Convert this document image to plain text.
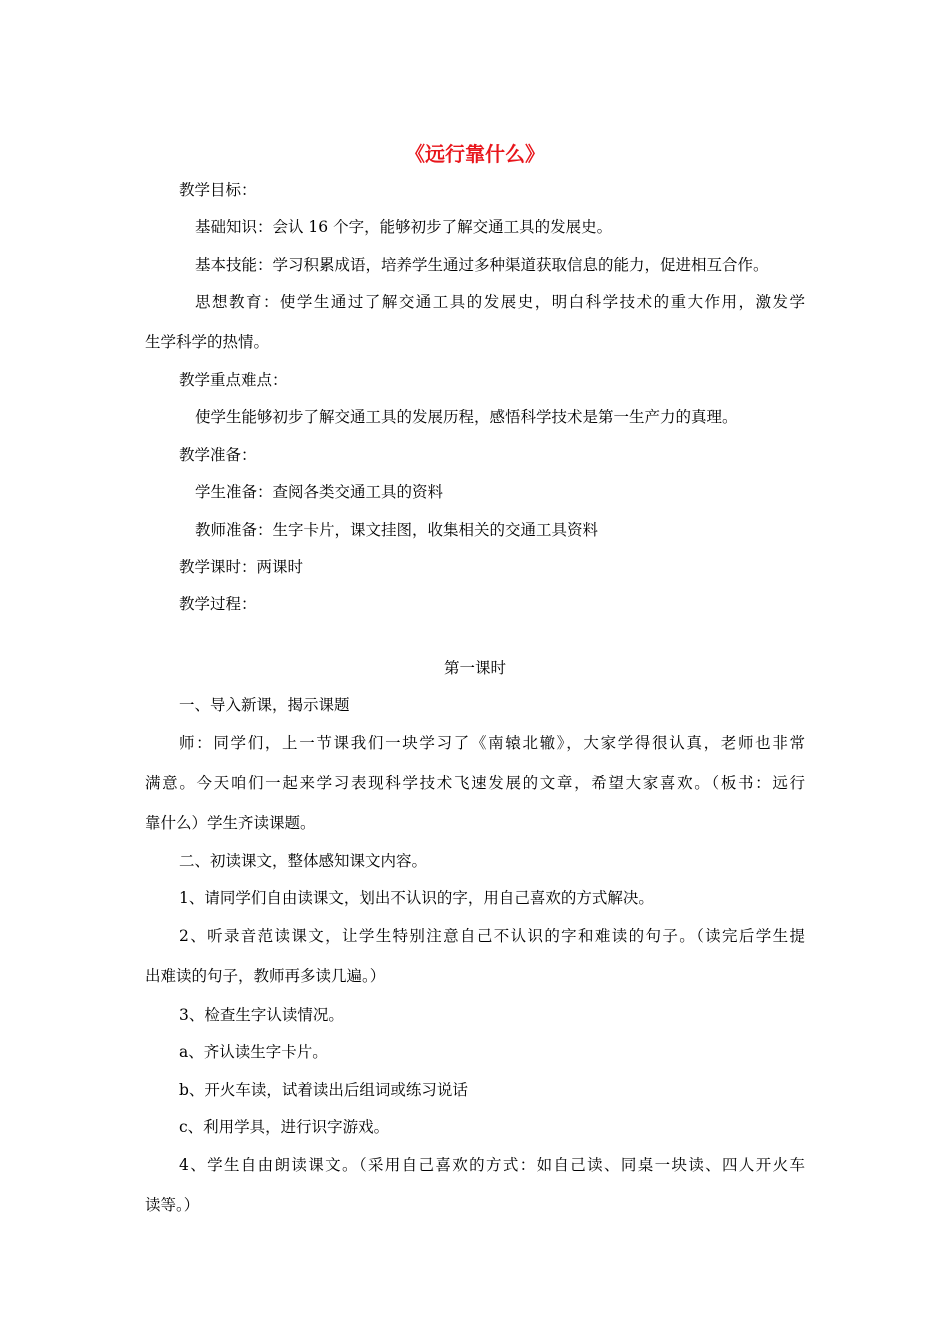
《远行靠什么》
教学目标：
基础知识：会认 16 个字，能够初步了解交通工具的发展史。
基本技能：学习积累成语，培养学生通过多种渠道获取信息的能力，促进相互合作。
思想教育：使学生通过了解交通工具的发展史，明白科学技术的重大作用，激发学
生学科学的热情。
教学重点难点：
使学生能够初步了解交通工具的发展历程，感悟科学技术是第一生产力的真理。
教学准备：
学生准备：查阅各类交通工具的资料
教师准备：生字卡片，课文挂图，收集相关的交通工具资料
教学课时：两课时
教学过程：
第一课时
一、导入新课，揭示课题
师：同学们，上一节课我们一块学习了《南辕北辙》，大家学得很认真，老师也非常
满意。今天咱们一起来学习表现科学技术飞速发展的文章，希望大家喜欢。（板书：远行
靠什么）学生齐读课题。
二、初读课文，整体感知课文内容。
1、请同学们自由读课文，划出不认识的字，用自己喜欢的方式解决。
2、听录音范读课文，让学生特别注意自己不认识的字和难读的句子。（读完后学生提
出难读的句子，教师再多读几遍。）
3、检查生字认读情况。
a、齐认读生字卡片。
b、开火车读，试着读出后组词或练习说话
c、利用学具，进行识字游戏。
4、学生自由朗读课文。（采用自己喜欢的方式：如自己读、同桌一块读、四人开火车
读等。）
